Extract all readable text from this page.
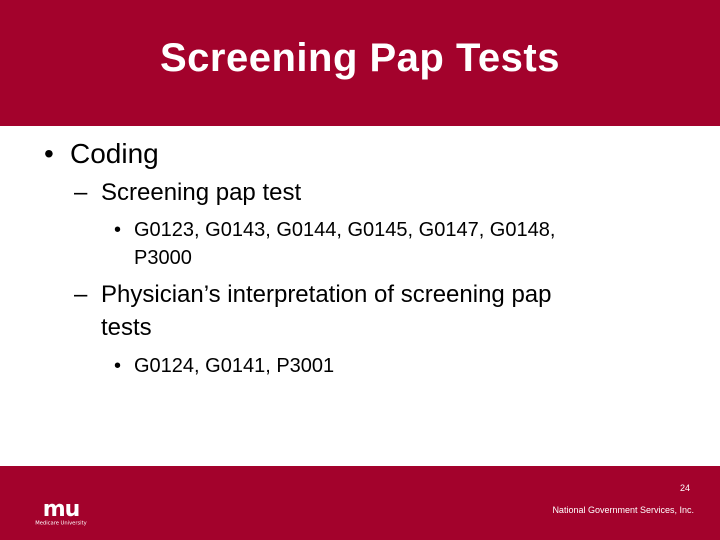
Screening Pap Tests
• Coding
– Screening pap test
• G0123, G0143, G0144, G0145, G0147, G0148,
P3000
– Physician’s interpretation of screening pap
tests
• G0124, G0141, P3001
mu
Medicare University
24
National Government Services, Inc.
